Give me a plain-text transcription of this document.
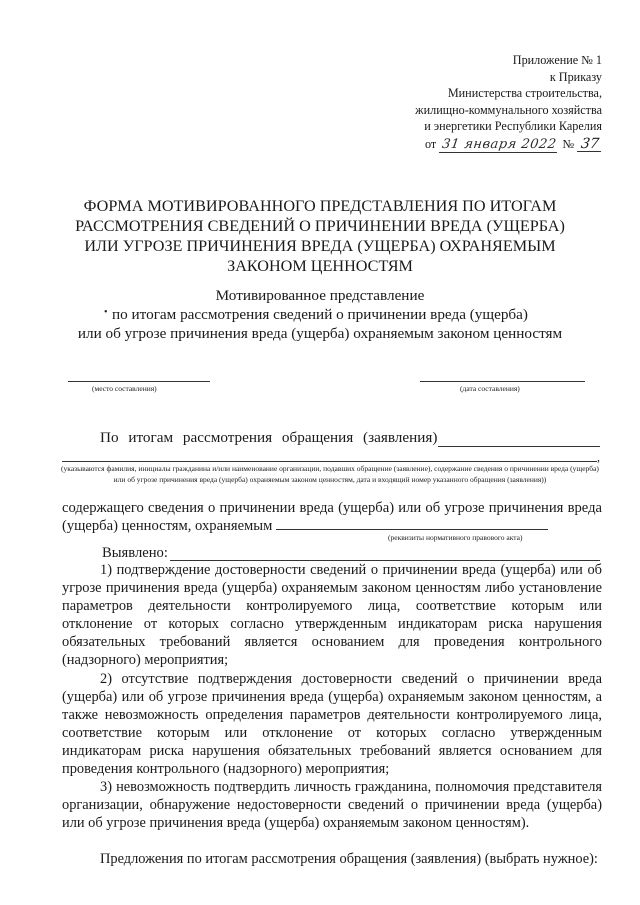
Приложение № 1
к Приказу
Министерства строительства,
жилищно-коммунального хозяйства
и энергетики Республики Карелия
от 31 января 2022 № 37
ФОРМА МОТИВИРОВАННОГО ПРЕДСТАВЛЕНИЯ ПО ИТОГАМ РАССМОТРЕНИЯ СВЕДЕНИЙ О ПРИЧИНЕНИИ ВРЕДА (УЩЕРБА) ИЛИ УГРОЗЕ ПРИЧИНЕНИЯ ВРЕДА (УЩЕРБА) ОХРАНЯЕМЫМ ЗАКОНОМ ЦЕННОСТЯМ
Мотивированное представление
по итогам рассмотрения сведений о причинении вреда (ущерба)
или об угрозе причинения вреда (ущерба) охраняемым законом ценностям
•
(место составления)	(дата составления)
По итогам рассмотрения обращения (заявления)
,
(указываются фамилия, инициалы гражданина и/или наименование организации, подавших обращение (заявление), содержание сведения о причинении вреда (ущерба) или об угрозе причинения вреда (ущерба) охраняемым законом ценностям, дата и входящий номер указанного обращения (заявления))
содержащего сведения о причинении вреда (ущерба) или об угрозе причинения вреда (ущерба) ценностям, охраняемым
(реквизиты нормативного правового акта)
Выявлено:

1) подтверждение достоверности сведений о причинении вреда (ущерба) или об угрозе причинения вреда (ущерба) охраняемым законом ценностям либо установление параметров деятельности контролируемого лица, соответствие которым или отклонение от которых согласно утвержденным индикаторам риска нарушения обязательных требований является основанием для проведения контрольного (надзорного) мероприятия;

2) отсутствие подтверждения достоверности сведений о причинении вреда (ущерба) или об угрозе причинения вреда (ущерба) охраняемым законом ценностям, а также невозможность определения параметров деятельности контролируемого лица, соответствие которым или отклонение от которых согласно утвержденным индикаторам риска нарушения обязательных требований является основанием для проведения контрольного (надзорного) мероприятия;

3) невозможность подтвердить личность гражданина, полномочия представителя организации, обнаружение недостоверности сведений о причинении вреда (ущерба) или об угрозе причинения вреда (ущерба) охраняемым законом ценностям).

Предложения по итогам рассмотрения обращения (заявления) (выбрать нужное):
